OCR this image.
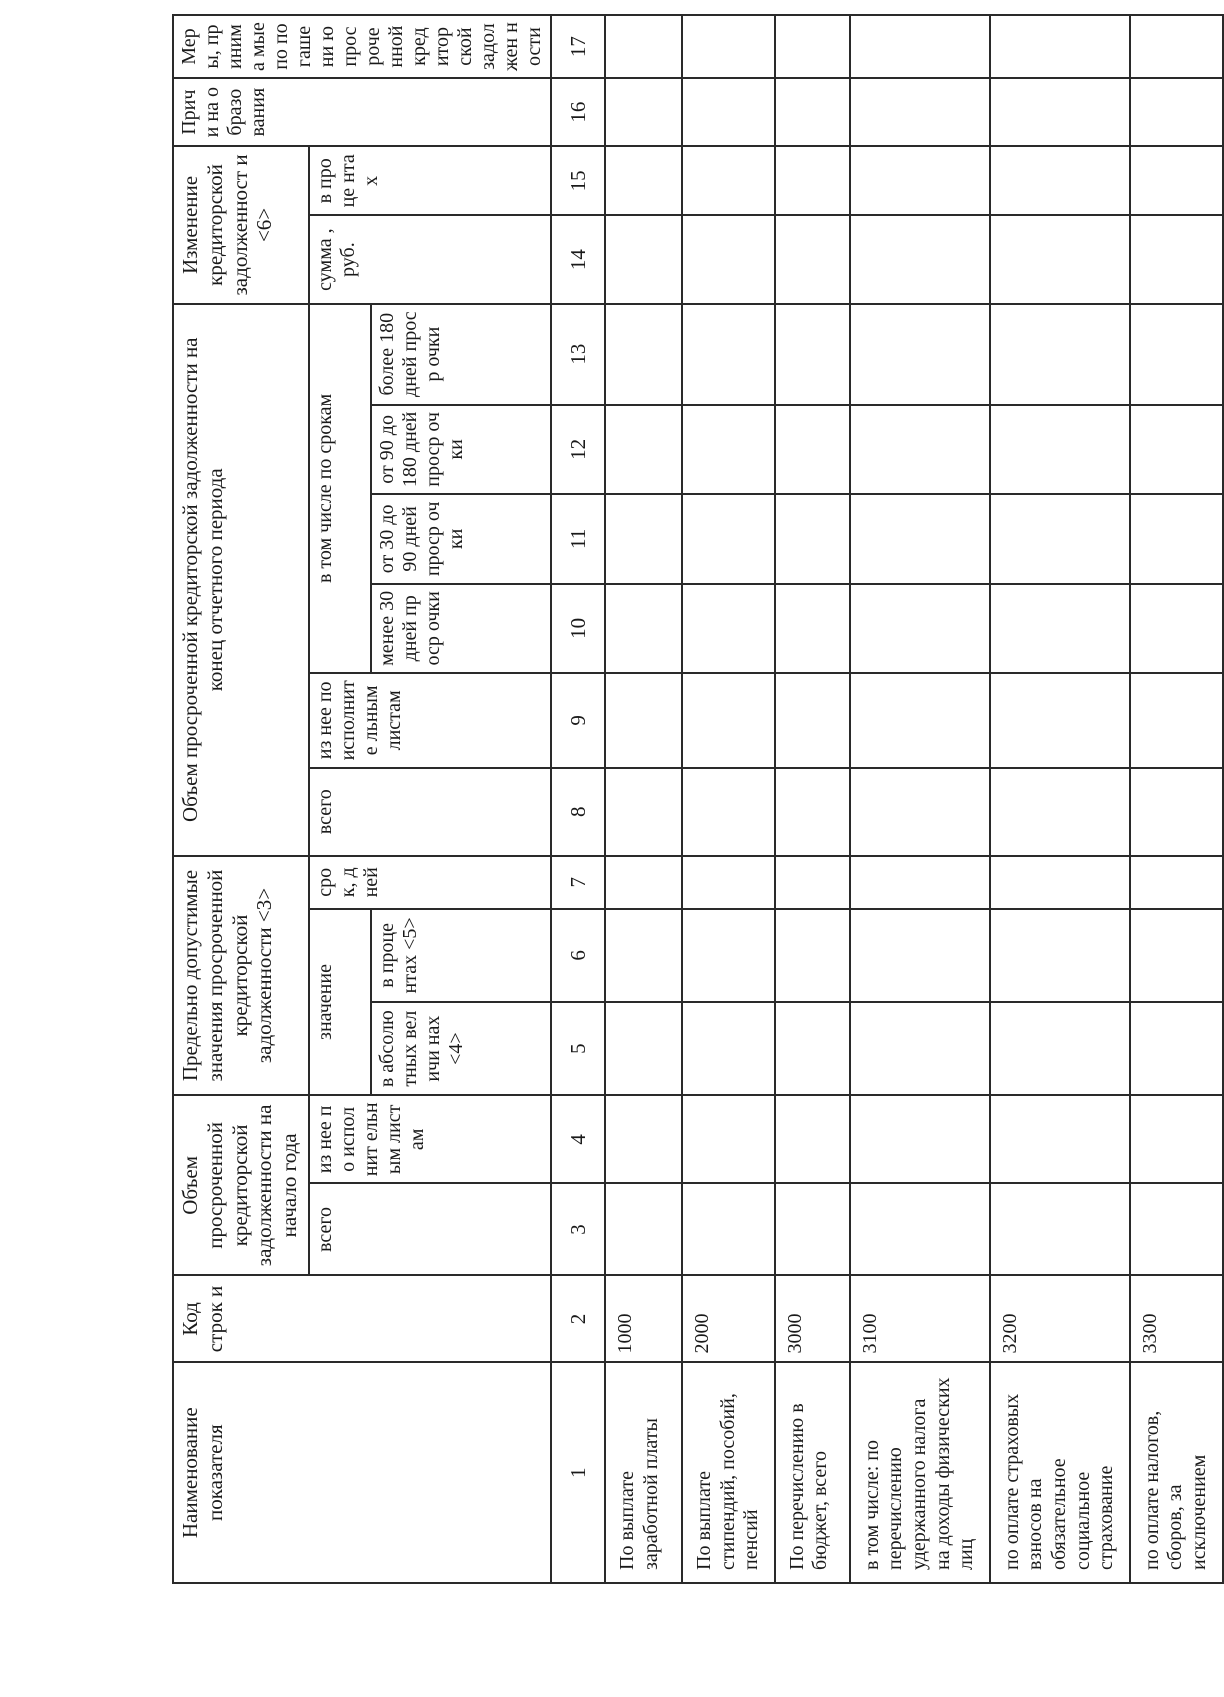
Наименование показателя	Код строк и	Объем просроченной кредиторской задолженности на начало года		Предельно допустимые значения просроченной кредиторской задолженности <3>			Объем просроченной кредиторской задолженности на конец отчетного периода						Изменение кредиторской задолженност и <6>		Причи на образо вания	Меры, принима мые по погашени ю просроче нной кредитор ской задолжен ности
		всего	из нее по исполнит ельным листам	значение		срок, дней	всего	из нее по исполните льным листам	в том числе по срокам				сумма , руб.	в проце нтах		
				в абсолю тных величи нах <4>	в проце нтах <5>				менее 30 дней проср очки	от 30 до 90 дней проср очки	от 90 до 180 дней проср очки	более 180 дней проср очки				
1	2	3	4	5	6	7	8	9	10	11	12	13	14	15	16	17
По выплате заработной платы	1000															
По выплате стипендий, пособий, пенсий	2000															
По перечислению в бюджет, всего	3000															
в том числе: по перечислению удержанного налога на доходы физических лиц	3100															
по оплате страховых взносов на обязательное социальное страхование	3200															
по оплате налогов, сборов, за исключением	3300															
